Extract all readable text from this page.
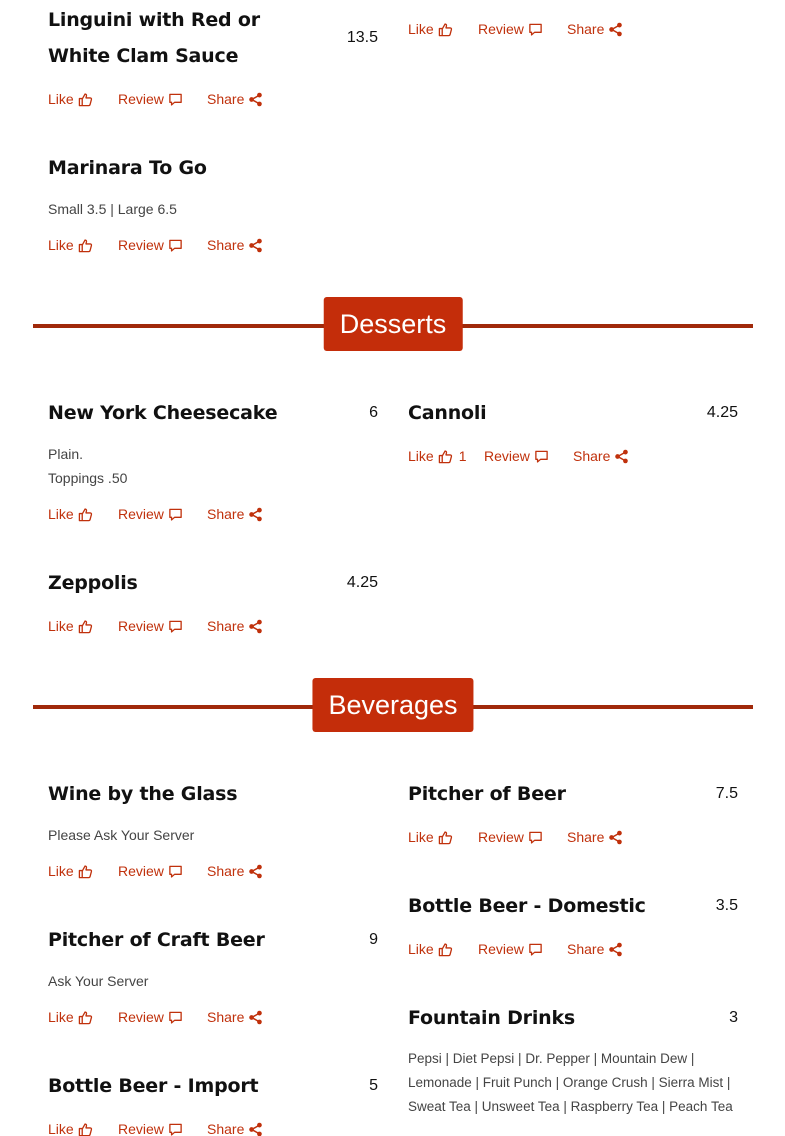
Like	Review	Share
Linguini with Red or White Clam Sauce
13.5
Like	Review	Share
Marinara To Go
Small 3.5 | Large 6.5
Like	Review	Share
Desserts
New York Cheesecake	6
Plain.
Toppings .50
Like	Review	Share
Cannoli	4.25
Like 1 Review	Share
Zeppolis	4.25
Like	Review	Share
Beverages
Wine by the Glass
Please Ask Your Server
Like	Review	Share
Pitcher of Beer	7.5
Like	Review	Share
Bottle Beer - Domestic	3.5
Like	Review	Share
Pitcher of Craft Beer	9
Ask Your Server
Like	Review	Share	Fountain Drinks	3
Pepsi | Diet Pepsi | Dr. Pepper | Mountain Dew |
Lemonade | Fruit Punch | Orange Crush | Sierra Mist |
Sweat Tea | Unsweet Tea | Raspberry Tea | Peach Tea
Bottle Beer - Import	5
Like	Review	Share
